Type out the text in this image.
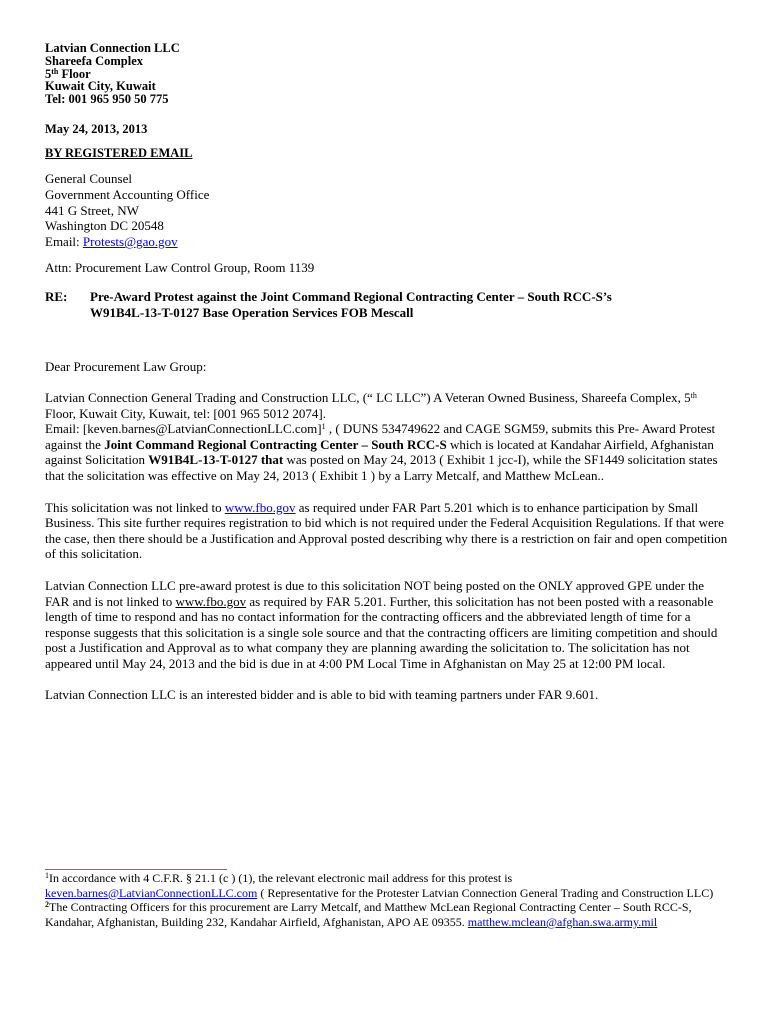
Latvian Connection LLC
Shareefa Complex
5th Floor
Kuwait City, Kuwait
Tel: 001 965 950 50 775
May 24, 2013, 2013
BY REGISTERED EMAIL
General Counsel
Government Accounting Office
441 G Street, NW
Washington DC 20548
Email: Protests@gao.gov
Attn: Procurement Law Control Group, Room 1139
RE:	Pre-Award Protest against the Joint Command Regional Contracting Center – South RCC-S’s
W91B4L-13-T-0127 Base Operation Services FOB Mescall
Dear Procurement Law Group:

Latvian Connection General Trading and Construction LLC, (“ LC LLC”) A Veteran Owned Business, Shareefa Complex, 5th Floor, Kuwait City, Kuwait, tel: [001 965 5012 2074].
Email: [keven.barnes@LatvianConnectionLLC.com]$^1$ , ( DUNS 534749622 and CAGE SGM59, submits this Pre- Award Protest against the Joint Command Regional Contracting Center – South RCC-S which is located at Kandahar Airfield, Afghanistan against Solicitation W91B4L-13-T-0127 that was posted on May 24, 2013 ( Exhibit 1 jcc-I), while the SF1449 solicitation states that the solicitation was effective on May 24, 2013 ( Exhibit 1 ) by a Larry Metcalf, and Matthew McLean..

This solicitation was not linked to www.fbo.gov as required under FAR Part 5.201 which is to enhance participation by Small Business. This site further requires registration to bid which is not required under the Federal Acquisition Regulations. If that were the case, then there should be a Justification and Approval posted describing why there is a restriction on fair and open competition of this solicitation.

Latvian Connection LLC pre-award protest is due to this solicitation NOT being posted on the ONLY approved GPE under the FAR and is not linked to www.fbo.gov as required by FAR 5.201. Further, this solicitation has not been posted with a reasonable length of time to respond and has no contact information for the contracting officers and the abbreviated length of time for a response suggests that this solicitation is a single sole source and that the contracting officers are limiting competition and should post a Justification and Approval as to what company they are planning awarding the solicitation to. The solicitation has not appeared until May 24, 2013 and the bid is due in at 4:00 PM Local Time in Afghanistan on May 25 at 12:00 PM local.

Latvian Connection LLC is an interested bidder and is able to bid with teaming partners under FAR 9.601.

$^1$In accordance with 4 C.F.R. § 21.1 (c ) (1), the relevant electronic mail address for this protest is
keven.barnes@LatvianConnectionLLC.com ( Representative for the Protester Latvian Connection General Trading and Construction LLC)
$^2$The Contracting Officers for this procurement are Larry Metcalf, and Matthew McLean Regional Contracting Center – South RCC-S, Kandahar, Afghanistan, Building 232, Kandahar Airfield, Afghanistan, APO AE 09355. matthew.mclean@afghan.swa.army.mil
